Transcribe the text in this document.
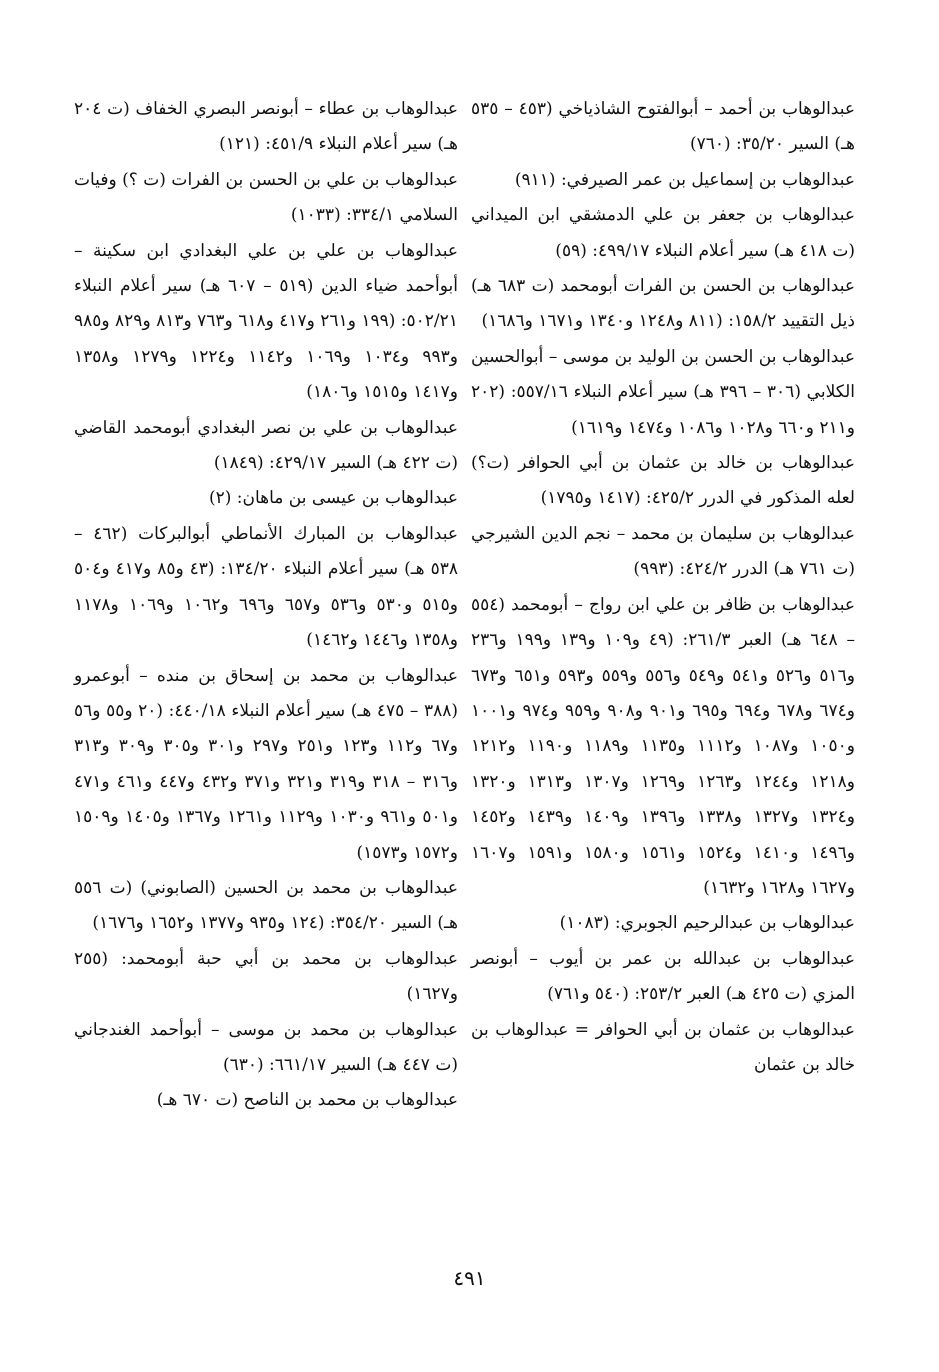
عبدالوهاب بن أحمد – أبوالفتوح الشاذياخي (٤٥٣ – ٥٣٥ هـ) السير ٣٥/٢٠: (٧٦٠)

عبدالوهاب بن إسماعيل بن عمر الصيرفي: (٩١١)

عبدالوهاب بن جعفر بن علي الدمشقي ابن الميداني (ت ٤١٨ هـ) سير أعلام النبلاء ٤٩٩/١٧: (٥٩)

عبدالوهاب بن الحسن بن الفرات أبومحمد (ت ٦٨٣ هـ) ذيل التقييد ١٥٨/٢: (٨١١ و١٢٤٨ و١٣٤٠ و١٦٧١ و١٦٨٦)

عبدالوهاب بن الحسن بن الوليد بن موسى – أبوالحسين الكلابي (٣٠٦ – ٣٩٦ هـ) سير أعلام النبلاء ٥٥٧/١٦: (٢٠٢ و٢١١ و٦٦٠ و١٠٢٨ و١٠٨٦ و١٤٧٤ و١٦١٩)

عبدالوهاب بن خالد بن عثمان بن أبي الحوافر (ت؟) لعله المذكور في الدرر ٤٢٥/٢: (١٤١٧ و١٧٩٥)

عبدالوهاب بن سليمان بن محمد – نجم الدين الشيرجي (ت ٧٦١ هـ) الدرر ٤٢٤/٢: (٩٩٣)

عبدالوهاب بن ظافر بن علي ابن رواج – أبومحمد (٥٥٤ – ٦٤٨ هـ) العبر ٢٦١/٣: (٤٩ و١٠٩ و١٣٩ و١٩٩ و٢٣٦ و٥١٦ و٥٢٦ و٥٤١ و٥٤٩ و٥٥٦ و٥٥٩ و٥٩٣ و٦٥١ و٦٧٣ و٦٧٤ و٦٧٨ و٦٩٤ و٦٩٥ و٩٠١ و٩٠٨ و٩٥٩ و٩٧٤ و١٠٠١ و١٠٥٠ و١٠٨٧ و١١١٢ و١١٣٥ و١١٨٩ و١١٩٠ و١٢١٢ و١٢١٨ و١٢٤٤ و١٢٦٣ و١٢٦٩ و١٣٠٧ و١٣١٣ و١٣٢٠ و١٣٢٤ و١٣٢٧ و١٣٣٨ و١٣٩٦ و١٤٠٩ و١٤٣٩ و١٤٥٢ و١٤٩٦ و١٤١٠ و١٥٢٤ و١٥٦١ و١٥٨٠ و١٥٩١ و١٦٠٧ و١٦٢٧ و١٦٢٨ و١٦٣٢)

عبدالوهاب بن عبدالرحيم الجوبري: (١٠٨٣)

عبدالوهاب بن عبدالله بن عمر بن أيوب – أبونصر المزي (ت ٤٢٥ هـ) العبر ٢٥٣/٢: (٥٤٠ و٧٦١)

عبدالوهاب بن عثمان بن أبي الحوافر = عبدالوهاب بن خالد بن عثمان

عبدالوهاب بن عطاء – أبونصر البصري الخفاف (ت ٢٠٤ هـ) سير أعلام النبلاء ٤٥١/٩: (١٢١)

عبدالوهاب بن علي بن الحسن بن الفرات (ت ؟) وفيات السلامي ٣٣٤/١: (١٠٣٣)

عبدالوهاب بن علي بن علي البغدادي ابن سكينة – أبوأحمد ضياء الدين (٥١٩ – ٦٠٧ هـ) سير أعلام النبلاء ٥٠٢/٢١: (١٩٩ و٢٦١ و٤١٧ و٦١٨ و٧٦٣ و٨١٣ و٨٢٩ و٩٨٥ و٩٩٣ و١٠٣٤ و١٠٦٩ و١١٤٢ و١٢٢٤ و١٢٧٩ و١٣٥٨ و١٤١٧ و١٥١٥ و١٨٠٦)

عبدالوهاب بن علي بن نصر البغدادي أبومحمد القاضي (ت ٤٢٢ هـ) السير ٤٢٩/١٧: (١٨٤٩)

عبدالوهاب بن عيسى بن ماهان: (٢)

عبدالوهاب بن المبارك الأنماطي أبوالبركات (٤٦٢ – ٥٣٨ هـ) سير أعلام النبلاء ١٣٤/٢٠: (٤٣ و٨٥ و٤١٧ و٥٠٤ و٥١٥ و٥٣٠ و٥٣٦ و٦٥٧ و٦٩٦ و١٠٦٢ و١٠٦٩ و١١٧٨ و١٣٥٨ و١٤٤٦ و١٤٦٢)

عبدالوهاب بن محمد بن إسحاق بن منده – أبوعمرو (٣٨٨ – ٤٧٥ هـ) سير أعلام النبلاء ٤٤٠/١٨: (٢٠ و٥٥ و٥٦ و٦٧ و١١٢ و١٢٣ و٢٥١ و٢٩٧ و٣٠١ و٣٠٥ و٣٠٩ و٣١٣ و٣١٦ – ٣١٨ و٣١٩ و٣٢١ و٣٧١ و٤٣٢ و٤٤٧ و٤٦١ و٤٧١ و٥٠١ و٩٦١ و١٠٣٠ و١١٢٩ و١٢٦١ و١٣٦٧ و١٤٠٥ و١٥٠٩ و١٥٧٢ و١٥٧٣)

عبدالوهاب بن محمد بن الحسين (الصابوني) (ت ٥٥٦ هـ) السير ٣٥٤/٢٠: (١٢٤ و٩٣٥ و١٣٧٧ و١٦٥٢ و١٦٧٦)

عبدالوهاب بن محمد بن أبي حبة أبومحمد: (٢٥٥ و١٦٢٧)

عبدالوهاب بن محمد بن موسى – أبوأحمد الغندجاني (ت ٤٤٧ هـ) السير ٦٦١/١٧: (٦٣٠)

عبدالوهاب بن محمد بن الناصح (ت ٦٧٠ هـ)

٤٩١
